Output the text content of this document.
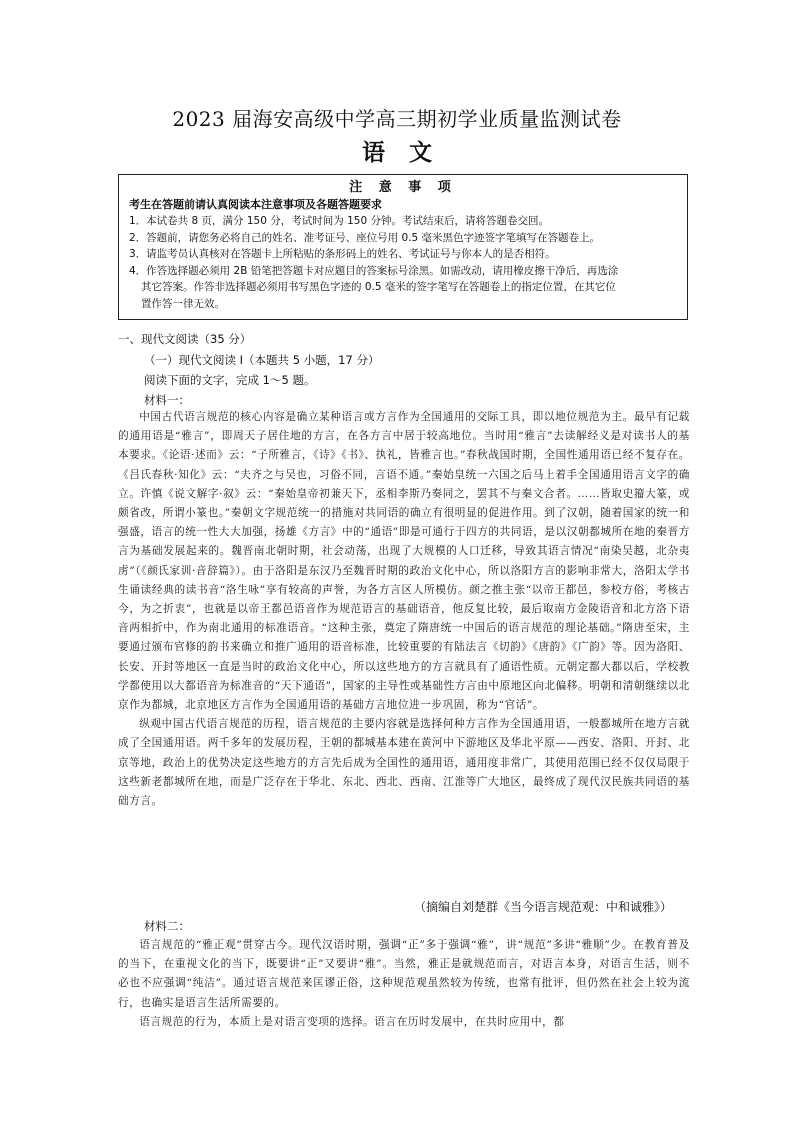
2023 届海安高级中学高三期初学业质量监测试卷
语文
注 意 事 项
考生在答题前请认真阅读本注意事项及各题答题要求
1．本试卷共 8 页，满分 150 分，考试时间为 150 分钟。考试结束后，请将答题卷交回。
2．答题前，请您务必将自己的姓名、准考证号、座位号用 0.5 毫米黑色字迹签字笔填写在答题卷上。
3．请监考员认真核对在答题卡上所粘贴的条形码上的姓名、考试证号与你本人的是否相符。
4．作答选择题必须用 2B 铅笔把答题卡对应题目的答案标号涂黑。如需改动，请用橡皮擦干净后，再选涂
其它答案。作答非选择题必须用书写黑色字迹的 0.5 毫米的签字笔写在答题卷上的指定位置，在其它位
置作答一律无效。
一、现代文阅读（35 分）
（一）现代文阅读 I（本题共 5 小题，17 分）
阅读下面的文字，完成 1～5 题。
材料一：

中国古代语言规范的核心内容是确立某种语言或方言作为全国通用的交际工具，即以地位规范为主。最早有记载的通用语是“雅言”，即周天子居住地的方言，在各方言中居于较高地位。当时用“雅言”去读解经义是对读书人的基本要求。《论语·述而》云：“子所雅言，《诗》《书》、执礼，皆雅言也。”春秋战国时期，全国性通用语已经不复存在。《吕氏春秋·知化》云：“夫齐之与吴也，习俗不同，言语不通。”秦始皇统一六国之后马上着手全国通用语言文字的确立。许慎《说文解字·叙》云：“秦始皇帝初兼天下，丞相李斯乃奏同之，罢其不与秦文合者。……皆取史籀大篆，或颇省改，所谓小篆也。”秦朝文字规范统一的措施对共同语的确立有很明显的促进作用。到了汉朝，随着国家的统一和强盛，语言的统一性大大加强，扬雄《方言》中的“通语”即是可通行于四方的共同语，是以汉朝都城所在地的秦晋方言为基础发展起来的。魏晋南北朝时期，社会动荡，出现了大规模的人口迁移，导致其语言情况“南染吴越，北杂夷虏”（《颜氏家训·音辞篇》）。由于洛阳是东汉乃至魏晋时期的政治文化中心，所以洛阳方言的影响非常大，洛阳太学书生诵读经典的读书音“洛生咏”享有较高的声誉，为各方言区人所模仿。颜之推主张“以帝王都邑，参校方俗，考核古今，为之折衷”，也就是以帝王都邑语音作为规范语言的基础语音，他反复比较，最后取南方金陵语音和北方洛下语音两相折中，作为南北通用的标准语音。“这种主张，奠定了隋唐统一中国后的语言规范的理论基础。”隋唐至宋，主要通过颁布官修的韵书来确立和推广通用的语音标准，比较重要的有陆法言《切韵》《唐韵》《广韵》等。因为洛阳、长安、开封等地区一直是当时的政治文化中心，所以这些地方的方言就具有了通语性质。元朝定都大都以后，学校教学都使用以大都语音为标准音的“天下通语”，国家的主导性或基础性方言由中原地区向北偏移。明朝和清朝继续以北京作为都城，北京地区方言作为全国通用语的基础方言地位进一步巩固，称为“官话”。

纵观中国古代语言规范的历程，语言规范的主要内容就是选择何种方言作为全国通用语，一般都城所在地方言就成了全国通用语。两千多年的发展历程，王朝的都城基本建在黄河中下游地区及华北平原——西安、洛阳、开封、北京等地，政治上的优势决定这些地方的方言先后成为全国性的通用语，通用度非常广，其使用范围已经不仅仅局限于这些新老都城所在地，而是广泛存在于华北、东北、西北、西南、江淮等广大地区，最终成了现代汉民族共同语的基础方言。

（摘编自刘楚群《当今语言规范观：中和诚雅》）
材料二：

语言规范的“雅正观”贯穿古今。现代汉语时期，强调“正”多于强调“雅”，讲“规范”多讲“雅顺”少。在教育普及的当下，在重视文化的当下，既要讲“正”又要讲“雅”。当然，雅正是就规范而言，对语言本身，对语言生活，则不必也不应强调“纯洁”。通过语言规范来匡谬正俗，这种规范观虽然较为传统，也常有批评，但仍然在社会上较为流行，也确实是语言生活所需要的。

语言规范的行为，本质上是对语言变项的选择。语言在历时发展中，在共时应用中，都
